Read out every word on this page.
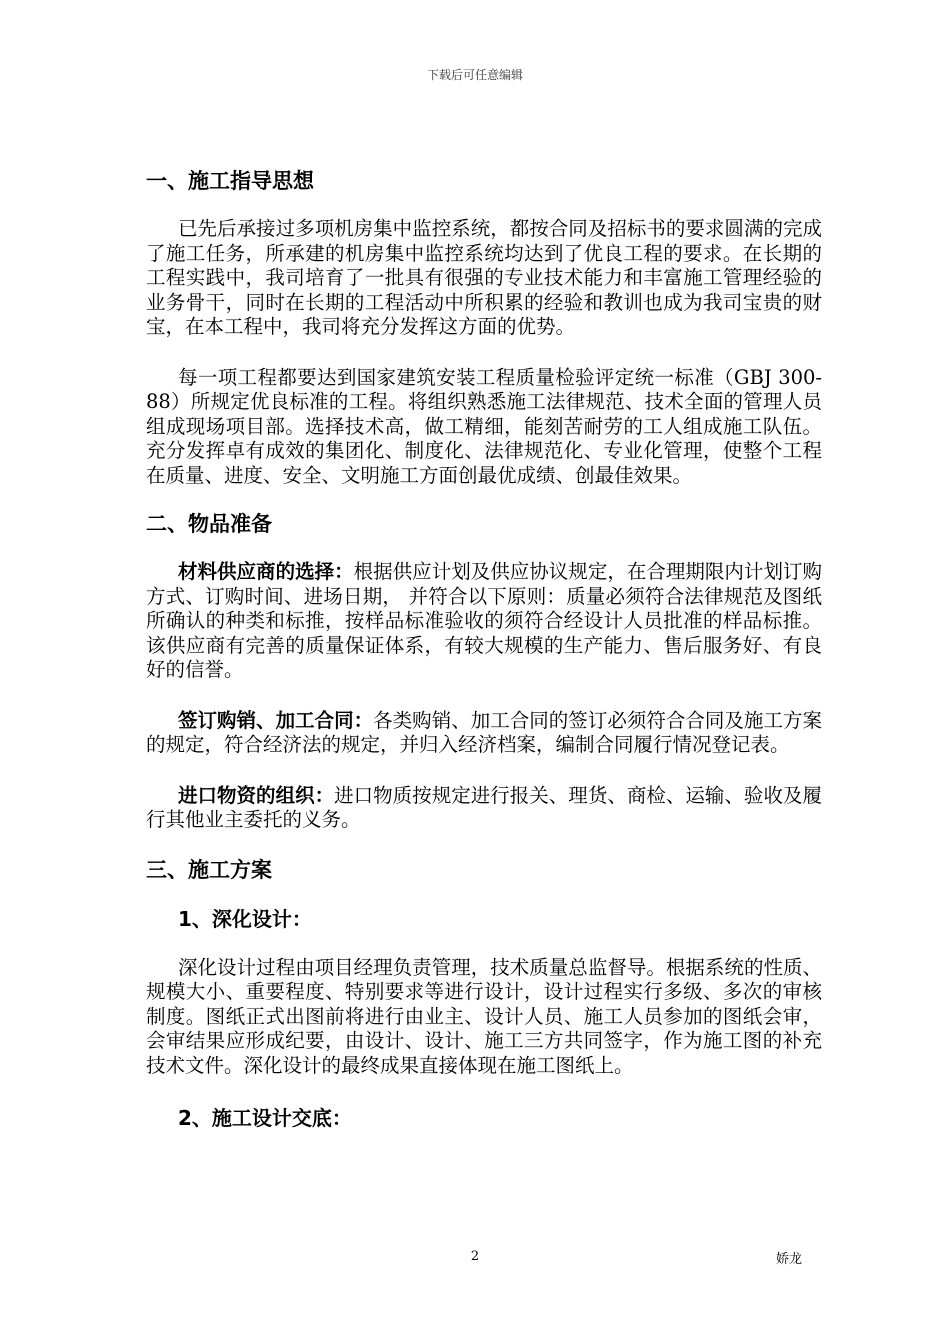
下载后可任意编辑
一、施工指导思想

已先后承接过多项机房集中监控系统，都按合同及招标书的要求圆满的完成了施工任务，所承建的机房集中监控系统均达到了优良工程的要求。在长期的工程实践中，我司培育了一批具有很强的专业技术能力和丰富施工管理经验的业务骨干，同时在长期的工程活动中所积累的经验和教训也成为我司宝贵的财宝，在本工程中，我司将充分发挥这方面的优势。

每一项工程都要达到国家建筑安装工程质量检验评定统一标准（GBJ 300-88）所规定优良标准的工程。将组织熟悉施工法律规范、技术全面的管理人员组成现场项目部。选择技术高，做工精细，能刻苦耐劳的工人组成施工队伍。充分发挥卓有成效的集团化、制度化、法律规范化、专业化管理，使整个工程在质量、进度、安全、文明施工方面创最优成绩、创最佳效果。

二、物品准备

材料供应商的选择：根据供应计划及供应协议规定，在合理期限内计划订购方式、订购时间、进场日期， 并符合以下原则：质量必须符合法律规范及图纸所确认的种类和标推，按样品标准验收的须符合经设计人员批准的样品标推。该供应商有完善的质量保证体系，有较大规模的生产能力、售后服务好、有良好的信誉。

签订购销、加工合同：各类购销、加工合同的签订必须符合合同及施工方案的规定，符合经济法的规定，并归入经济档案，编制合同履行情况登记表。

进口物资的组织：进口物质按规定进行报关、理货、商检、运输、验收及履行其他业主委托的义务。

三、施工方案
1、深化设计：

深化设计过程由项目经理负责管理，技术质量总监督导。根据系统的性质、规模大小、重要程度、特别要求等进行设计，设计过程实行多级、多次的审核制度。图纸正式出图前将进行由业主、设计人员、施工人员参加的图纸会审，会审结果应形成纪要，由设计、设计、施工三方共同签字，作为施工图的补充技术文件。深化设计的最终成果直接体现在施工图纸上。

2、施工设计交底：
2	娇龙
